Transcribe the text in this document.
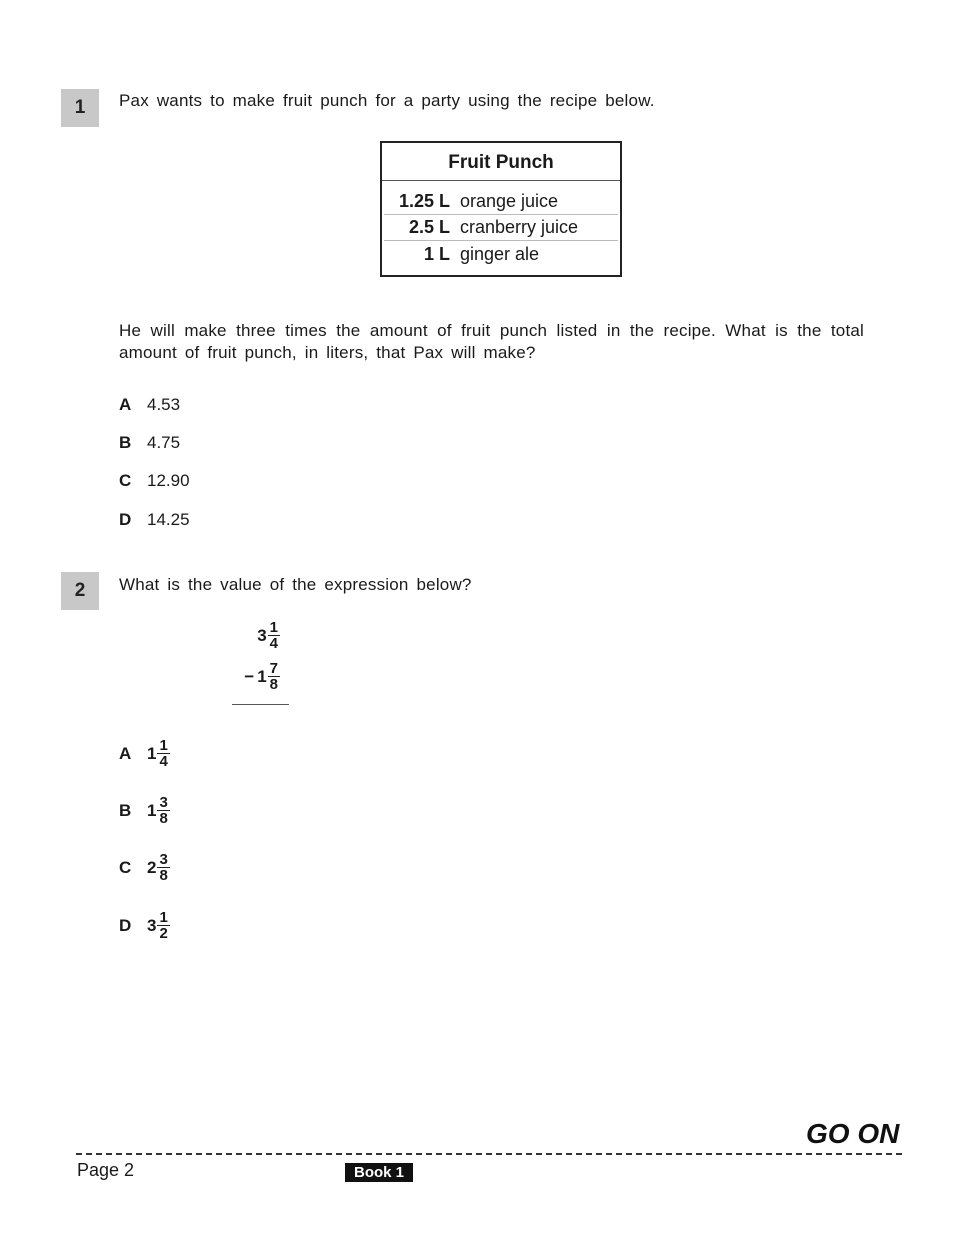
1	Pax wants to make fruit punch for a party using the recipe below.
Fruit Punch
1.25 L orange juice
2.5 L cranberry juice
1 L ginger ale
He will make three times the amount of fruit punch listed in the recipe. What is the total amount of fruit punch, in liters, that Pax will make?
A 4.53
B 4.75
C 12.90
D 14.25
2	What is the value of the expression below?
$3 \frac{1}{4}$
− $1 \frac{7}{8}$
A $1 \frac{1}{4}$
B $1 \frac{3}{8}$
C $2 \frac{3}{8}$
D $3 \frac{1}{2}$
GO ON
Page 2	Book 1
